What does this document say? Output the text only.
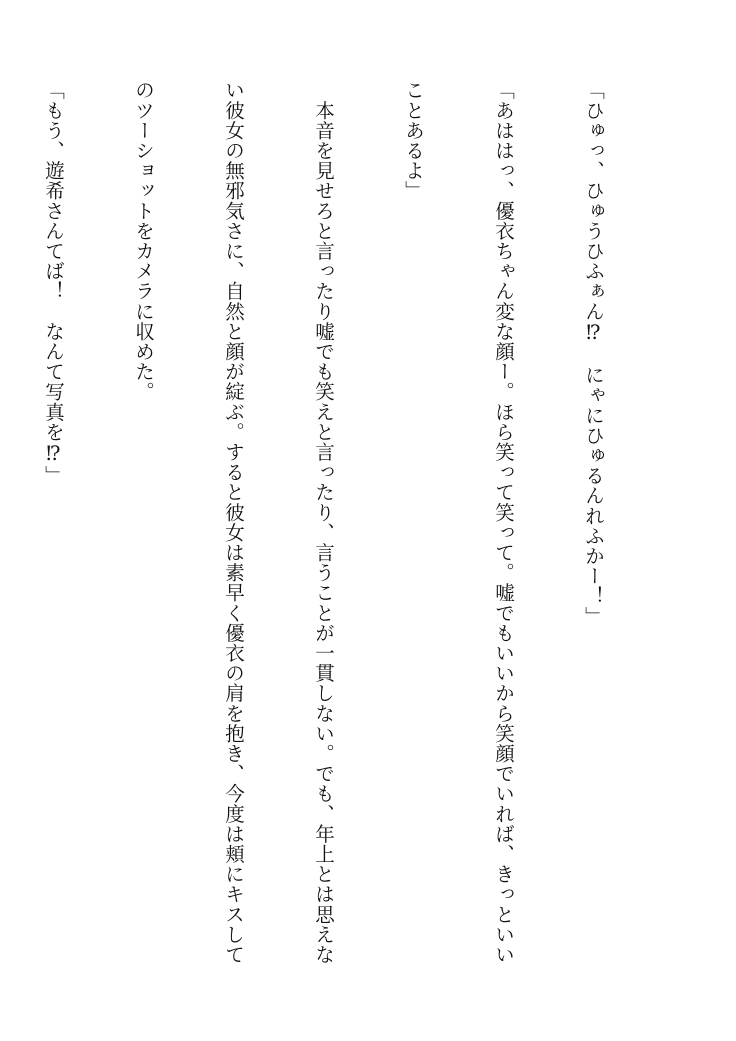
「ひゅっ、ひゅうひふぁん⁉　にゃにひゅるんれふかー！」

「あははっ、優衣ちゃん変な顔ー。ほら笑って笑って。嘘でもいいから笑顔でいれば、きっといい

ことあるよ」

　本音を見せろと言ったり嘘でも笑えと言ったり、言うことが一貫しない。でも、年上とは思えな

い彼女の無邪気さに、自然と顔が綻ぶ。すると彼女は素早く優衣の肩を抱き、今度は頬にキスして

のツーショットをカメラに収めた。

「もう、遊希さんてば！　なんて写真を⁉」
